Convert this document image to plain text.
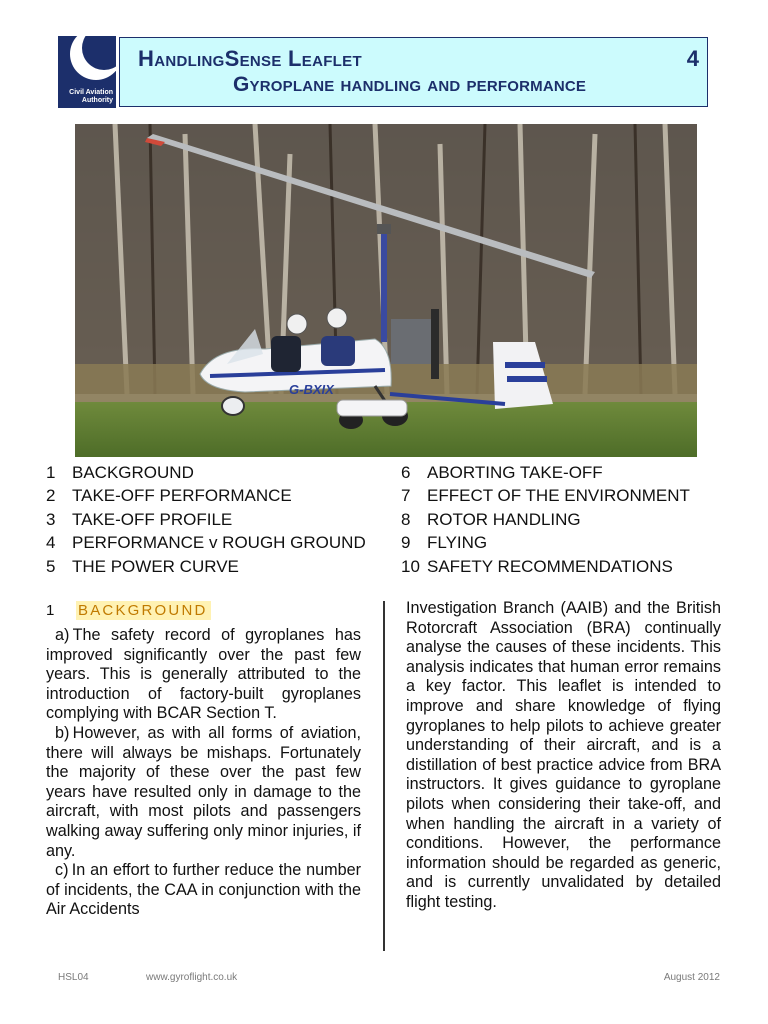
Civil Aviation
Authority
HandlingSense Leaflet	4
Gyroplane handling and performance
G-BXIX
1 BACKGROUND
2 TAKE-OFF PERFORMANCE
3 TAKE-OFF PROFILE
4 PERFORMANCE v ROUGH GROUND
5 THE POWER CURVE
6 ABORTING TAKE-OFF
7 EFFECT OF THE ENVIRONMENT
8 ROTOR HANDLING
9 FLYING
10 SAFETY RECOMMENDATIONS
1 BACKGROUND

a) The safety record of gyroplanes has improved significantly over the past few years. This is generally attributed to the introduction of factory-built gyroplanes complying with BCAR Section T.

b) However, as with all forms of aviation, there will always be mishaps. Fortunately the majority of these over the past few years have resulted only in damage to the aircraft, with most pilots and passengers walking away suffering only minor injuries, if any.

c) In an effort to further reduce the number of incidents, the CAA in conjunction with the Air Accidents

Investigation Branch (AAIB) and the British Rotorcraft Association (BRA) continually analyse the causes of these incidents. This analysis indicates that human error remains a key factor. This leaflet is intended to improve and share knowledge of flying gyroplanes to help pilots to achieve greater understanding of their aircraft, and is a distillation of best practice advice from BRA instructors. It gives guidance to gyroplane pilots when considering their take-off, and when handling the aircraft in a variety of conditions. However, the performance information should be regarded as generic, and is currently unvalidated by detailed flight testing.

HSL04	www.gyroflight.co.uk	August 2012
